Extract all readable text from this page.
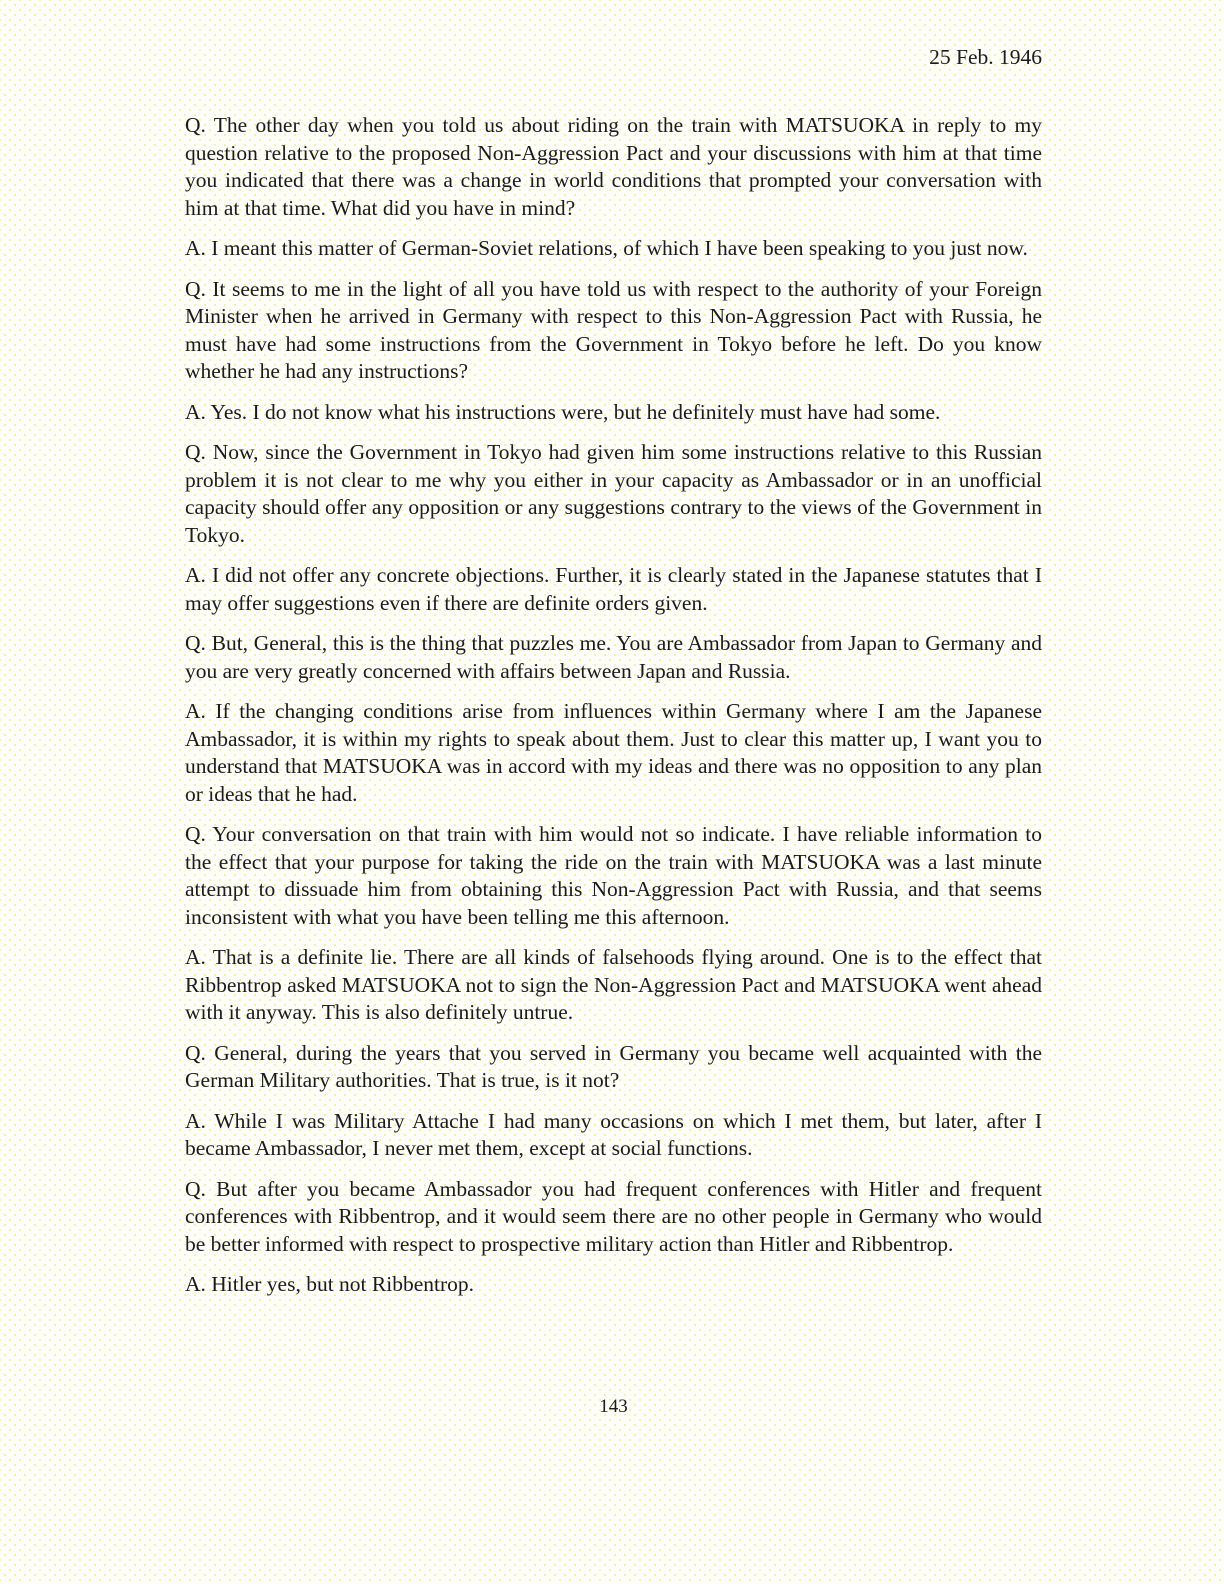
25 Feb. 1946

Q. The other day when you told us about riding on the train with MATSUOKA in reply to my question relative to the proposed Non-Aggression Pact and your discussions with him at that time you indicated that there was a change in world conditions that prompted your conversation with him at that time. What did you have in mind?

A. I meant this matter of German-Soviet relations, of which I have been speaking to you just now.

Q. It seems to me in the light of all you have told us with respect to the authority of your Foreign Minister when he arrived in Germany with respect to this Non-Aggression Pact with Russia, he must have had some instructions from the Government in Tokyo before he left. Do you know whether he had any instructions?

A. Yes. I do not know what his instructions were, but he definitely must have had some.

Q. Now, since the Government in Tokyo had given him some instructions relative to this Russian problem it is not clear to me why you either in your capacity as Ambassador or in an unofficial capacity should offer any opposition or any suggestions contrary to the views of the Government in Tokyo.

A. I did not offer any concrete objections. Further, it is clearly stated in the Japanese statutes that I may offer suggestions even if there are definite orders given.

Q. But, General, this is the thing that puzzles me. You are Ambassador from Japan to Germany and you are very greatly concerned with affairs between Japan and Russia.

A. If the changing conditions arise from influences within Germany where I am the Japanese Ambassador, it is within my rights to speak about them. Just to clear this matter up, I want you to understand that MATSUOKA was in accord with my ideas and there was no opposition to any plan or ideas that he had.

Q. Your conversation on that train with him would not so indicate. I have reliable information to the effect that your purpose for taking the ride on the train with MATSUOKA was a last minute attempt to dissuade him from obtaining this Non-Aggression Pact with Russia, and that seems inconsistent with what you have been telling me this afternoon.

A. That is a definite lie. There are all kinds of falsehoods flying around. One is to the effect that Ribbentrop asked MATSUOKA not to sign the Non-Aggression Pact and MATSUOKA went ahead with it anyway. This is also definitely untrue.

Q. General, during the years that you served in Germany you became well acquainted with the German Military authorities. That is true, is it not?

A. While I was Military Attache I had many occasions on which I met them, but later, after I became Ambassador, I never met them, except at social functions.

Q. But after you became Ambassador you had frequent conferences with Hitler and frequent conferences with Ribbentrop, and it would seem there are no other people in Germany who would be better informed with respect to prospective military action than Hitler and Ribbentrop.

A. Hitler yes, but not Ribbentrop.

143
